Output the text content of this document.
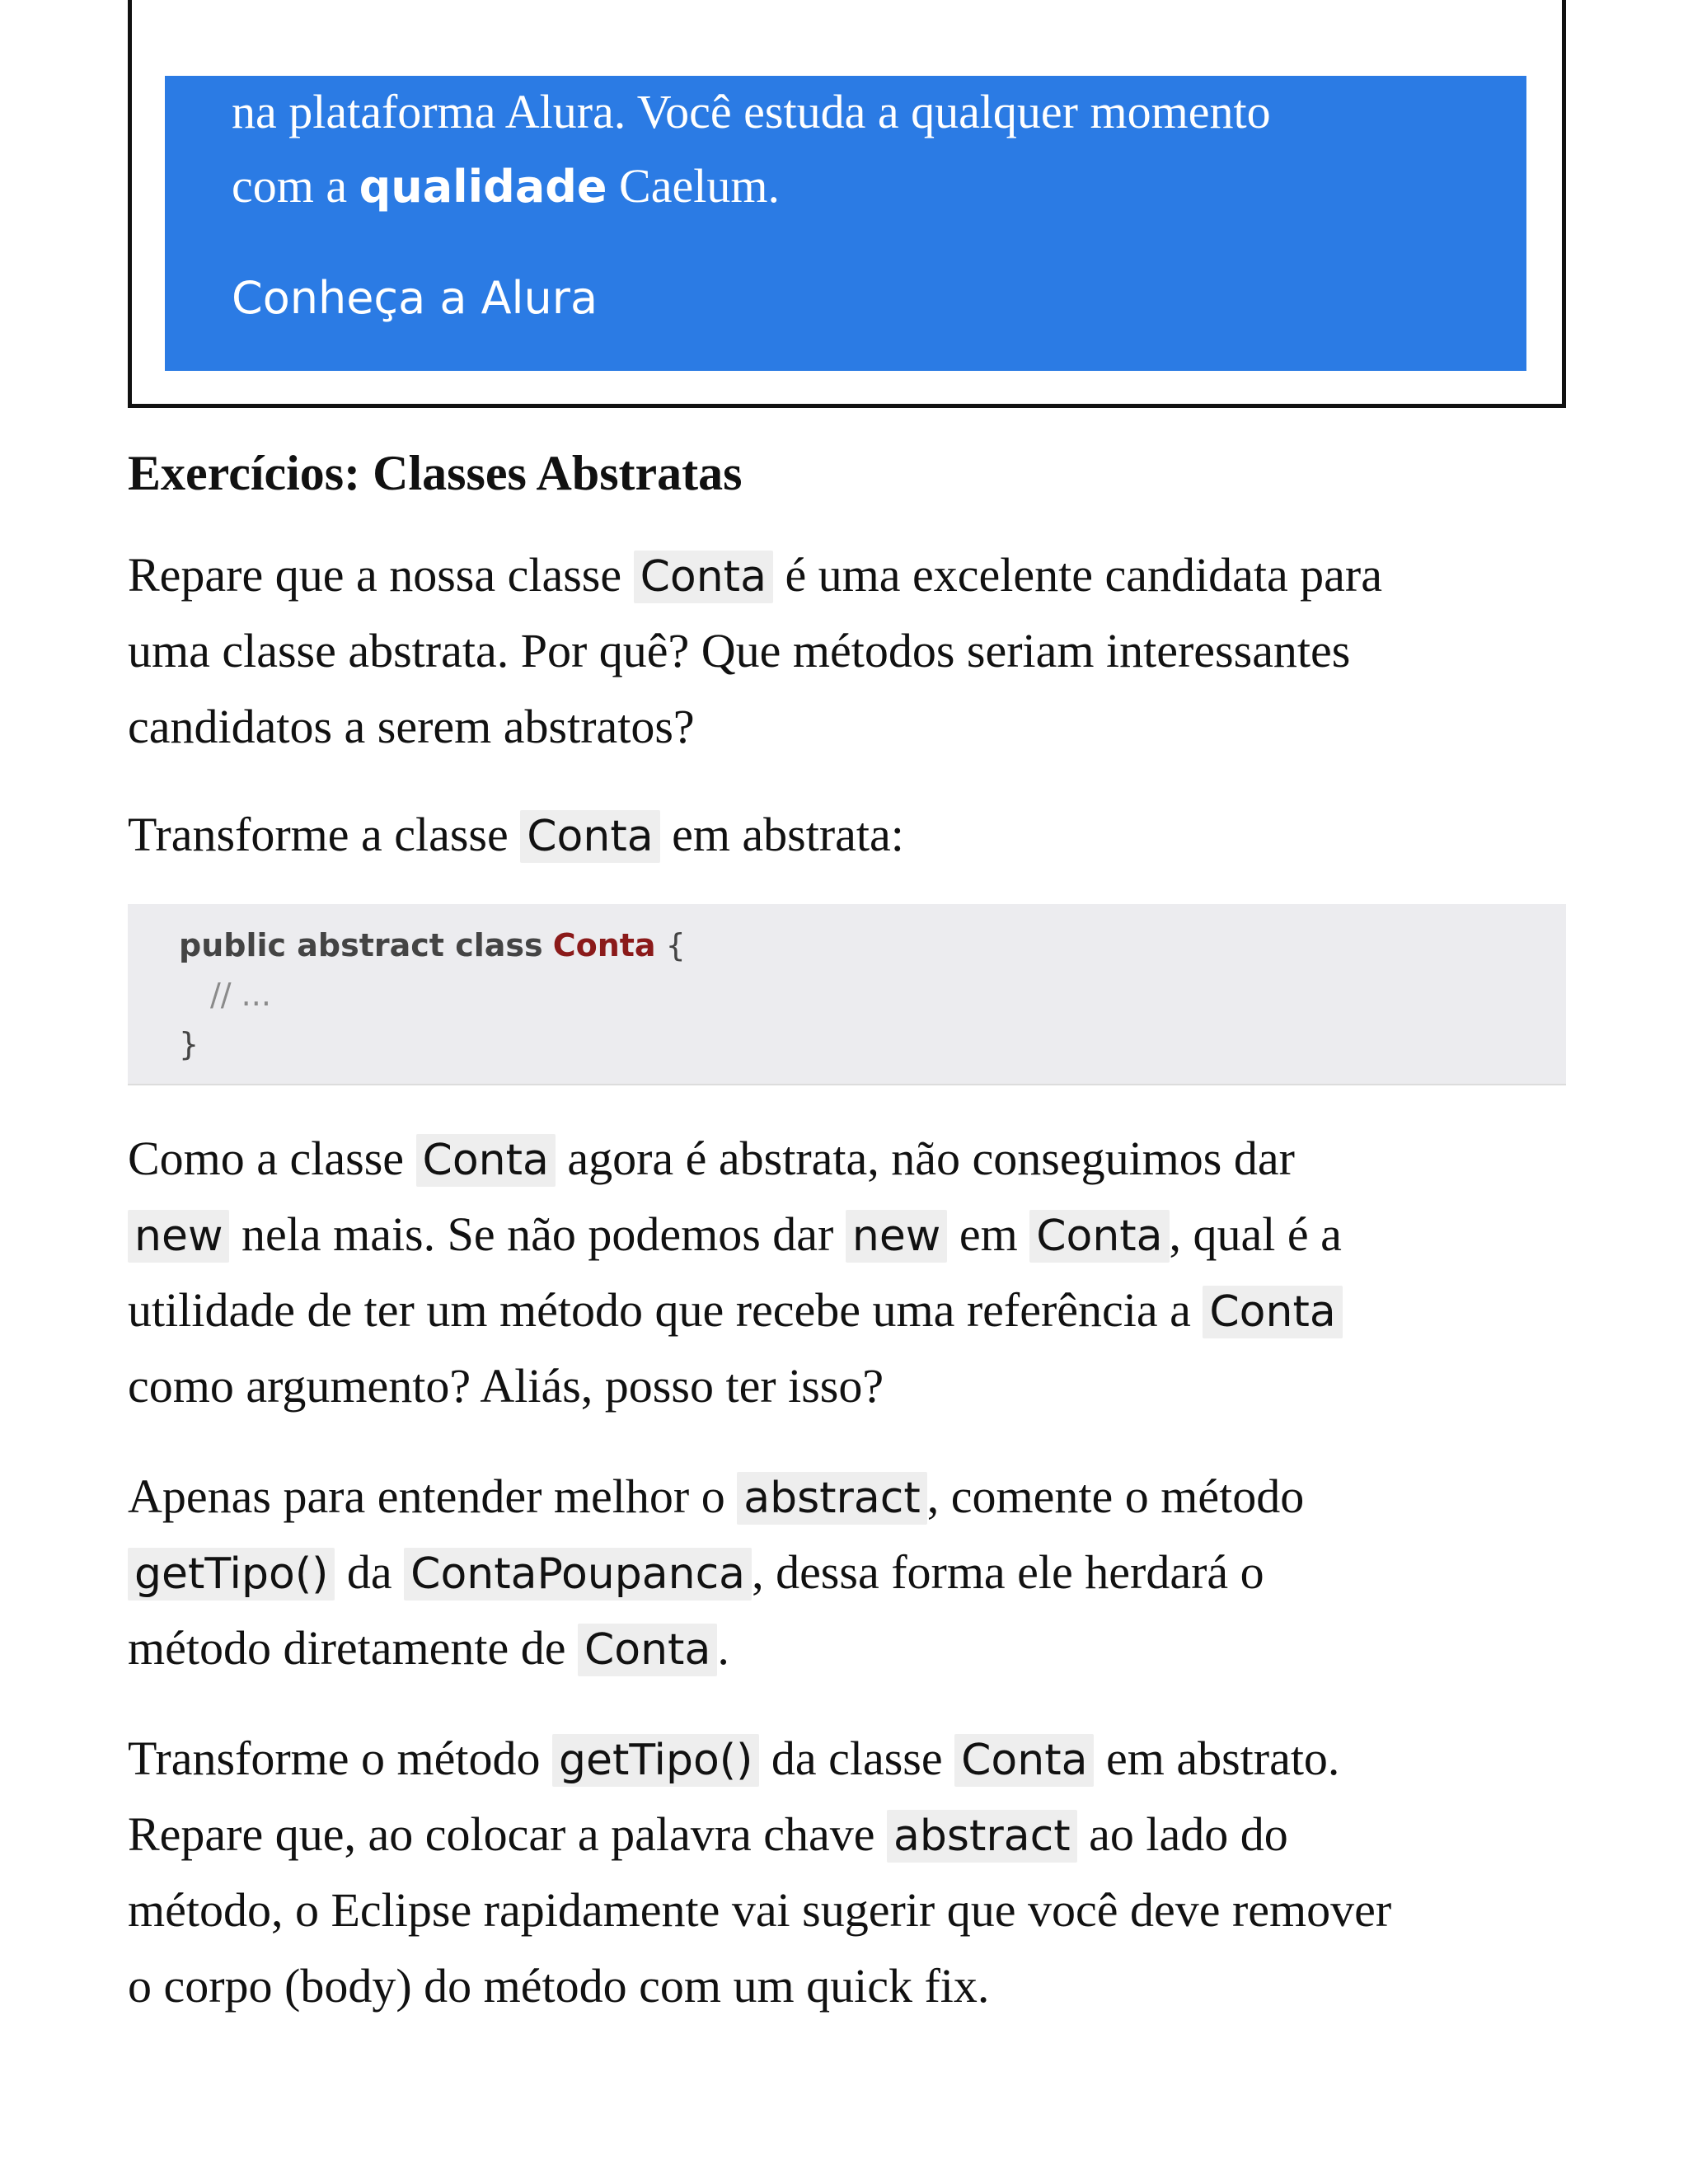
na plataforma Alura. Você estuda a qualquer momento
com a qualidade Caelum.
Conheça a Alura
Exercícios: Classes Abstratas
Repare que a nossa classe Conta é uma excelente candidata para
uma classe abstrata. Por quê? Que métodos seriam interessantes
candidatos a serem abstratos?
Transforme a classe Conta em abstrata:
public abstract class Conta {
// ...
}
Como a classe Conta agora é abstrata, não conseguimos dar
new nela mais. Se não podemos dar new em Conta , qual é a
utilidade de ter um método que recebe uma referência a Conta
como argumento? Aliás, posso ter isso?
Apenas para entender melhor o abstract , comente o método
getTipo() da ContaPoupanca , dessa forma ele herdará o
método diretamente de Conta .
Transforme o método getTipo() da classe Conta em abstrato.
Repare que, ao colocar a palavra chave abstract ao lado do
método, o Eclipse rapidamente vai sugerir que você deve remover
o corpo (body) do método com um quick fix.
